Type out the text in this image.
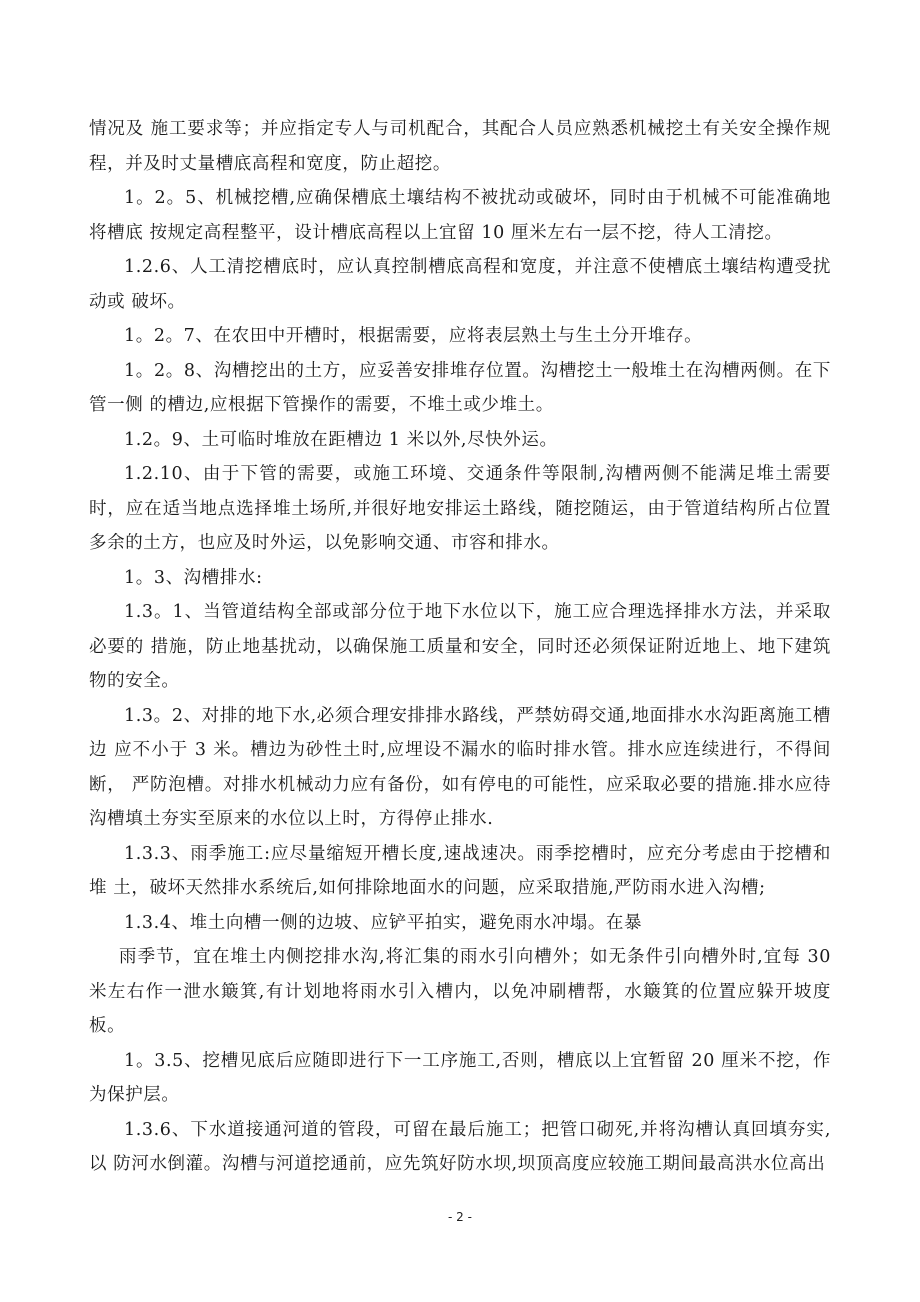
情况及 施工要求等；并应指定专人与司机配合，其配合人员应熟悉机械挖土有关安全操作规程，并及时丈量槽底高程和宽度，防止超挖。

1。2。5、机械挖槽,应确保槽底土壤结构不被扰动或破坏，同时由于机械不可能准确地将槽底 按规定高程整平，设计槽底高程以上宜留 10 厘米左右一层不挖，待人工清挖。

1.2.6、人工清挖槽底时，应认真控制槽底高程和宽度，并注意不使槽底土壤结构遭受扰动或 破坏。

1。2。7、在农田中开槽时，根据需要，应将表层熟土与生土分开堆存。

1。2。8、沟槽挖出的土方，应妥善安排堆存位置。沟槽挖土一般堆土在沟槽两侧。在下管一侧 的槽边,应根据下管操作的需要，不堆土或少堆土。

1.2。9、土可临时堆放在距槽边 1 米以外,尽快外运。

1.2.10、由于下管的需要，或施工环境、交通条件等限制,沟槽两侧不能满足堆土需要时，应在适当地点选择堆土场所,并很好地安排运土路线，随挖随运，由于管道结构所占位置多余的土方，也应及时外运，以免影响交通、市容和排水。

1。3、沟槽排水:

1.3。1、当管道结构全部或部分位于地下水位以下，施工应合理选择排水方法，并采取必要的 措施，防止地基扰动，以确保施工质量和安全，同时还必须保证附近地上、地下建筑物的安全。

1.3。2、对排的地下水,必须合理安排排水路线，严禁妨碍交通,地面排水水沟距离施工槽边 应不小于 3 米。槽边为砂性土时,应埋设不漏水的临时排水管。排水应连续进行，不得间断， 严防泡槽。对排水机械动力应有备份，如有停电的可能性，应采取必要的措施.排水应待沟槽填土夯实至原来的水位以上时，方得停止排水.

1.3.3、雨季施工:应尽量缩短开槽长度,速战速决。雨季挖槽时，应充分考虑由于挖槽和堆 土，破坏天然排水系统后,如何排除地面水的问题，应采取措施,严防雨水进入沟槽;

1.3.4、堆土向槽一侧的边坡、应铲平拍实，避免雨水冲塌。在暴

雨季节，宜在堆土内侧挖排水沟,将汇集的雨水引向槽外；如无条件引向槽外时,宜每 30 米左右作一泄水簸箕,有计划地将雨水引入槽内，以免冲刷槽帮，水簸箕的位置应躲开坡度板。

1。3.5、挖槽见底后应随即进行下一工序施工,否则，槽底以上宜暂留 20 厘米不挖，作为保护层。

1.3.6、下水道接通河道的管段，可留在最后施工；把管口砌死,并将沟槽认真回填夯实,以 防河水倒灌。沟槽与河道挖通前，应先筑好防水坝,坝顶高度应较施工期间最高洪水位高出

- 2 -
